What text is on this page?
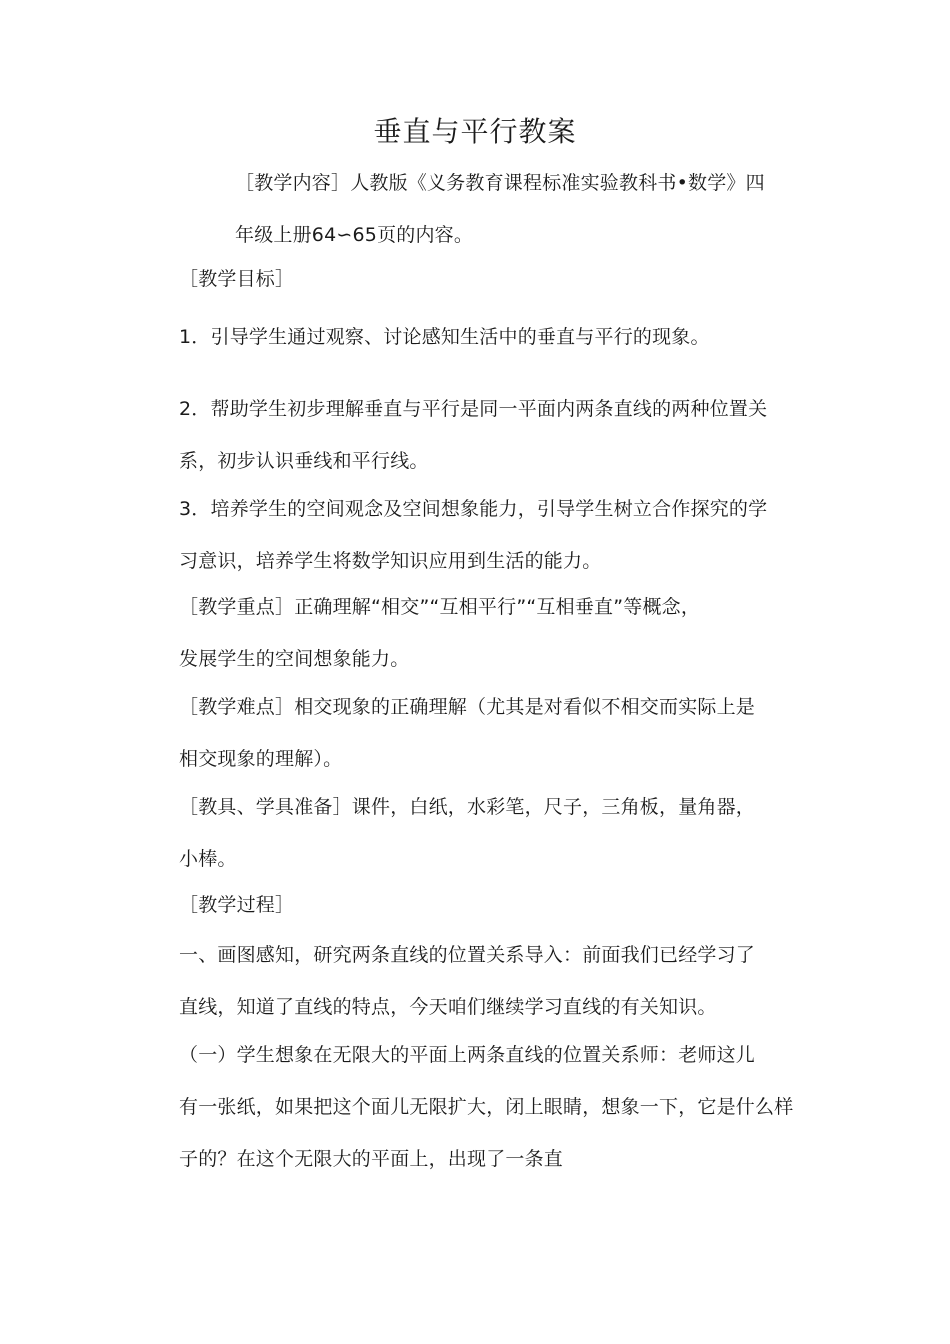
垂直与平行教案
［教学内容］人教版《义务教育课程标准实验教科书•数学》四
年级上册64∽65页的内容。
［教学目标］
1．引导学生通过观察、讨论感知生活中的垂直与平行的现象。
2．帮助学生初步理解垂直与平行是同一平面内两条直线的两种位置关
系，初步认识垂线和平行线。
3．培养学生的空间观念及空间想象能力，引导学生树立合作探究的学
习意识，培养学生将数学知识应用到生活的能力。
［教学重点］正确理解“相交”“互相平行”“互相垂直”等概念，
发展学生的空间想象能力。
［教学难点］相交现象的正确理解（尤其是对看似不相交而实际上是
相交现象的理解）。
［教具、学具准备］课件，白纸，水彩笔，尺子，三角板，量角器，
小棒。
［教学过程］
一、画图感知，研究两条直线的位置关系导入：前面我们已经学习了
直线，知道了直线的特点，今天咱们继续学习直线的有关知识。
（一）学生想象在无限大的平面上两条直线的位置关系师：老师这儿
有一张纸，如果把这个面儿无限扩大，闭上眼睛，想象一下，它是什么样
子的？在这个无限大的平面上，出现了一条直
